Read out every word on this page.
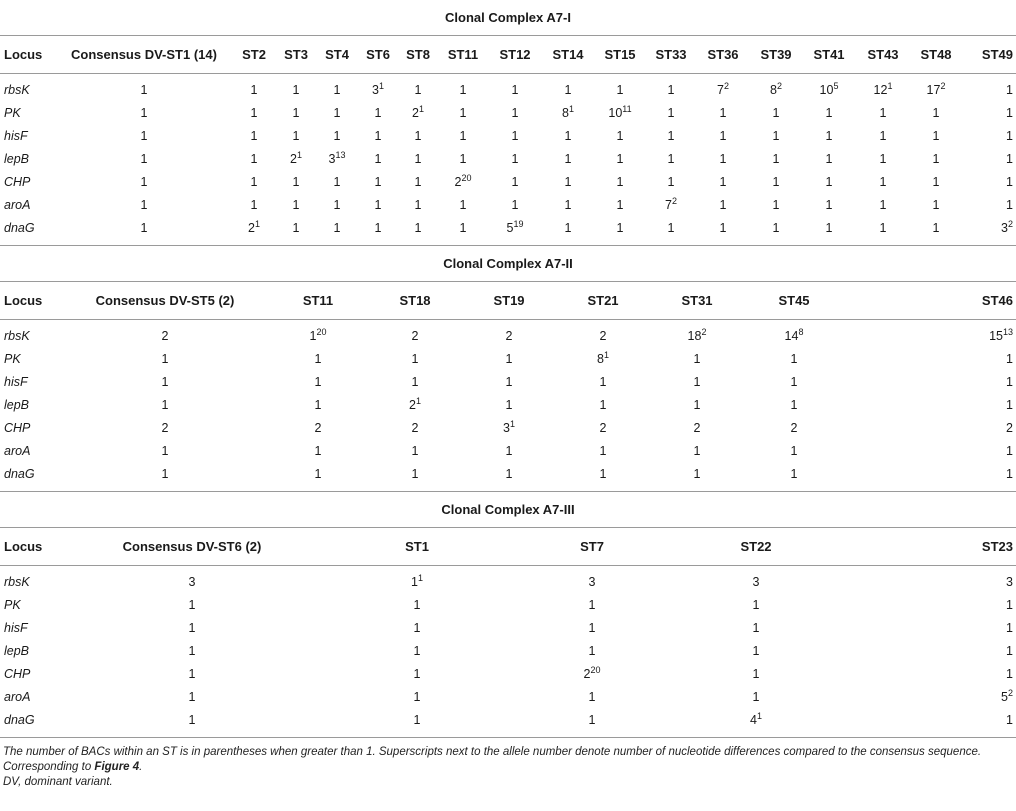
Clonal Complex A7-I
Locus	Consensus DV-ST1 (14)	ST2	ST3	ST4	ST6	ST8	ST11	ST12	ST14	ST15	ST33	ST36	ST39	ST41	ST43	ST48	ST49
rbsK	1	1	1	1	$3^1$	1	1	1	1	1	1	$7^2$	$8^2$	$10^5$	$12^1$	$17^2$	1
PK	1	1	1	1	1	$2^1$	1	1	$8^1$	$10^{11}$	1	1	1	1	1	1	1
hisF	1	1	1	1	1	1	1	1	1	1	1	1	1	1	1	1	1
lepB	1	1	$2^1$	$3^{13}$	1	1	1	1	1	1	1	1	1	1	1	1	1
CHP	1	1	1	1	1	1	$2^{20}$	1	1	1	1	1	1	1	1	1	1
aroA	1	1	1	1	1	1	1	1	1	1	$7^2$	1	1	1	1	1	1
dnaG	1	$2^1$	1	1	1	1	1	$5^{19}$	1	1	1	1	1	1	1	1	$3^2$

Clonal Complex A7-II
Locus	Consensus DV-ST5 (2)	ST11	ST18	ST19	ST21	ST31	ST45	ST46
rbsK	2	$1^{20}$	2	2	2	$18^2$	$14^8$	$15^{13}$
PK	1	1	1	1	$8^1$	1	1	1
hisF	1	1	1	1	1	1	1	1
lepB	1	1	$2^1$	1	1	1	1	1
CHP	2	2	2	$3^1$	2	2	2	2
aroA	1	1	1	1	1	1	1	1
dnaG	1	1	1	1	1	1	1	1

Clonal Complex A7-III
Locus	Consensus DV-ST6 (2)	ST1	ST7	ST22	ST23
rbsK	3	$1^1$	3	3	3
PK	1	1	1	1	1
hisF	1	1	1	1	1
lepB	1	1	1	1	1
CHP	1	1	$2^{20}$	1	1
aroA	1	1	1	1	$5^2$
dnaG	1	1	1	$4^1$	1

The number of BACs within an ST is in parentheses when greater than 1. Superscripts next to the allele number denote number of nucleotide differences compared to the consensus sequence. Corresponding to Figure 4.
DV, dominant variant.
